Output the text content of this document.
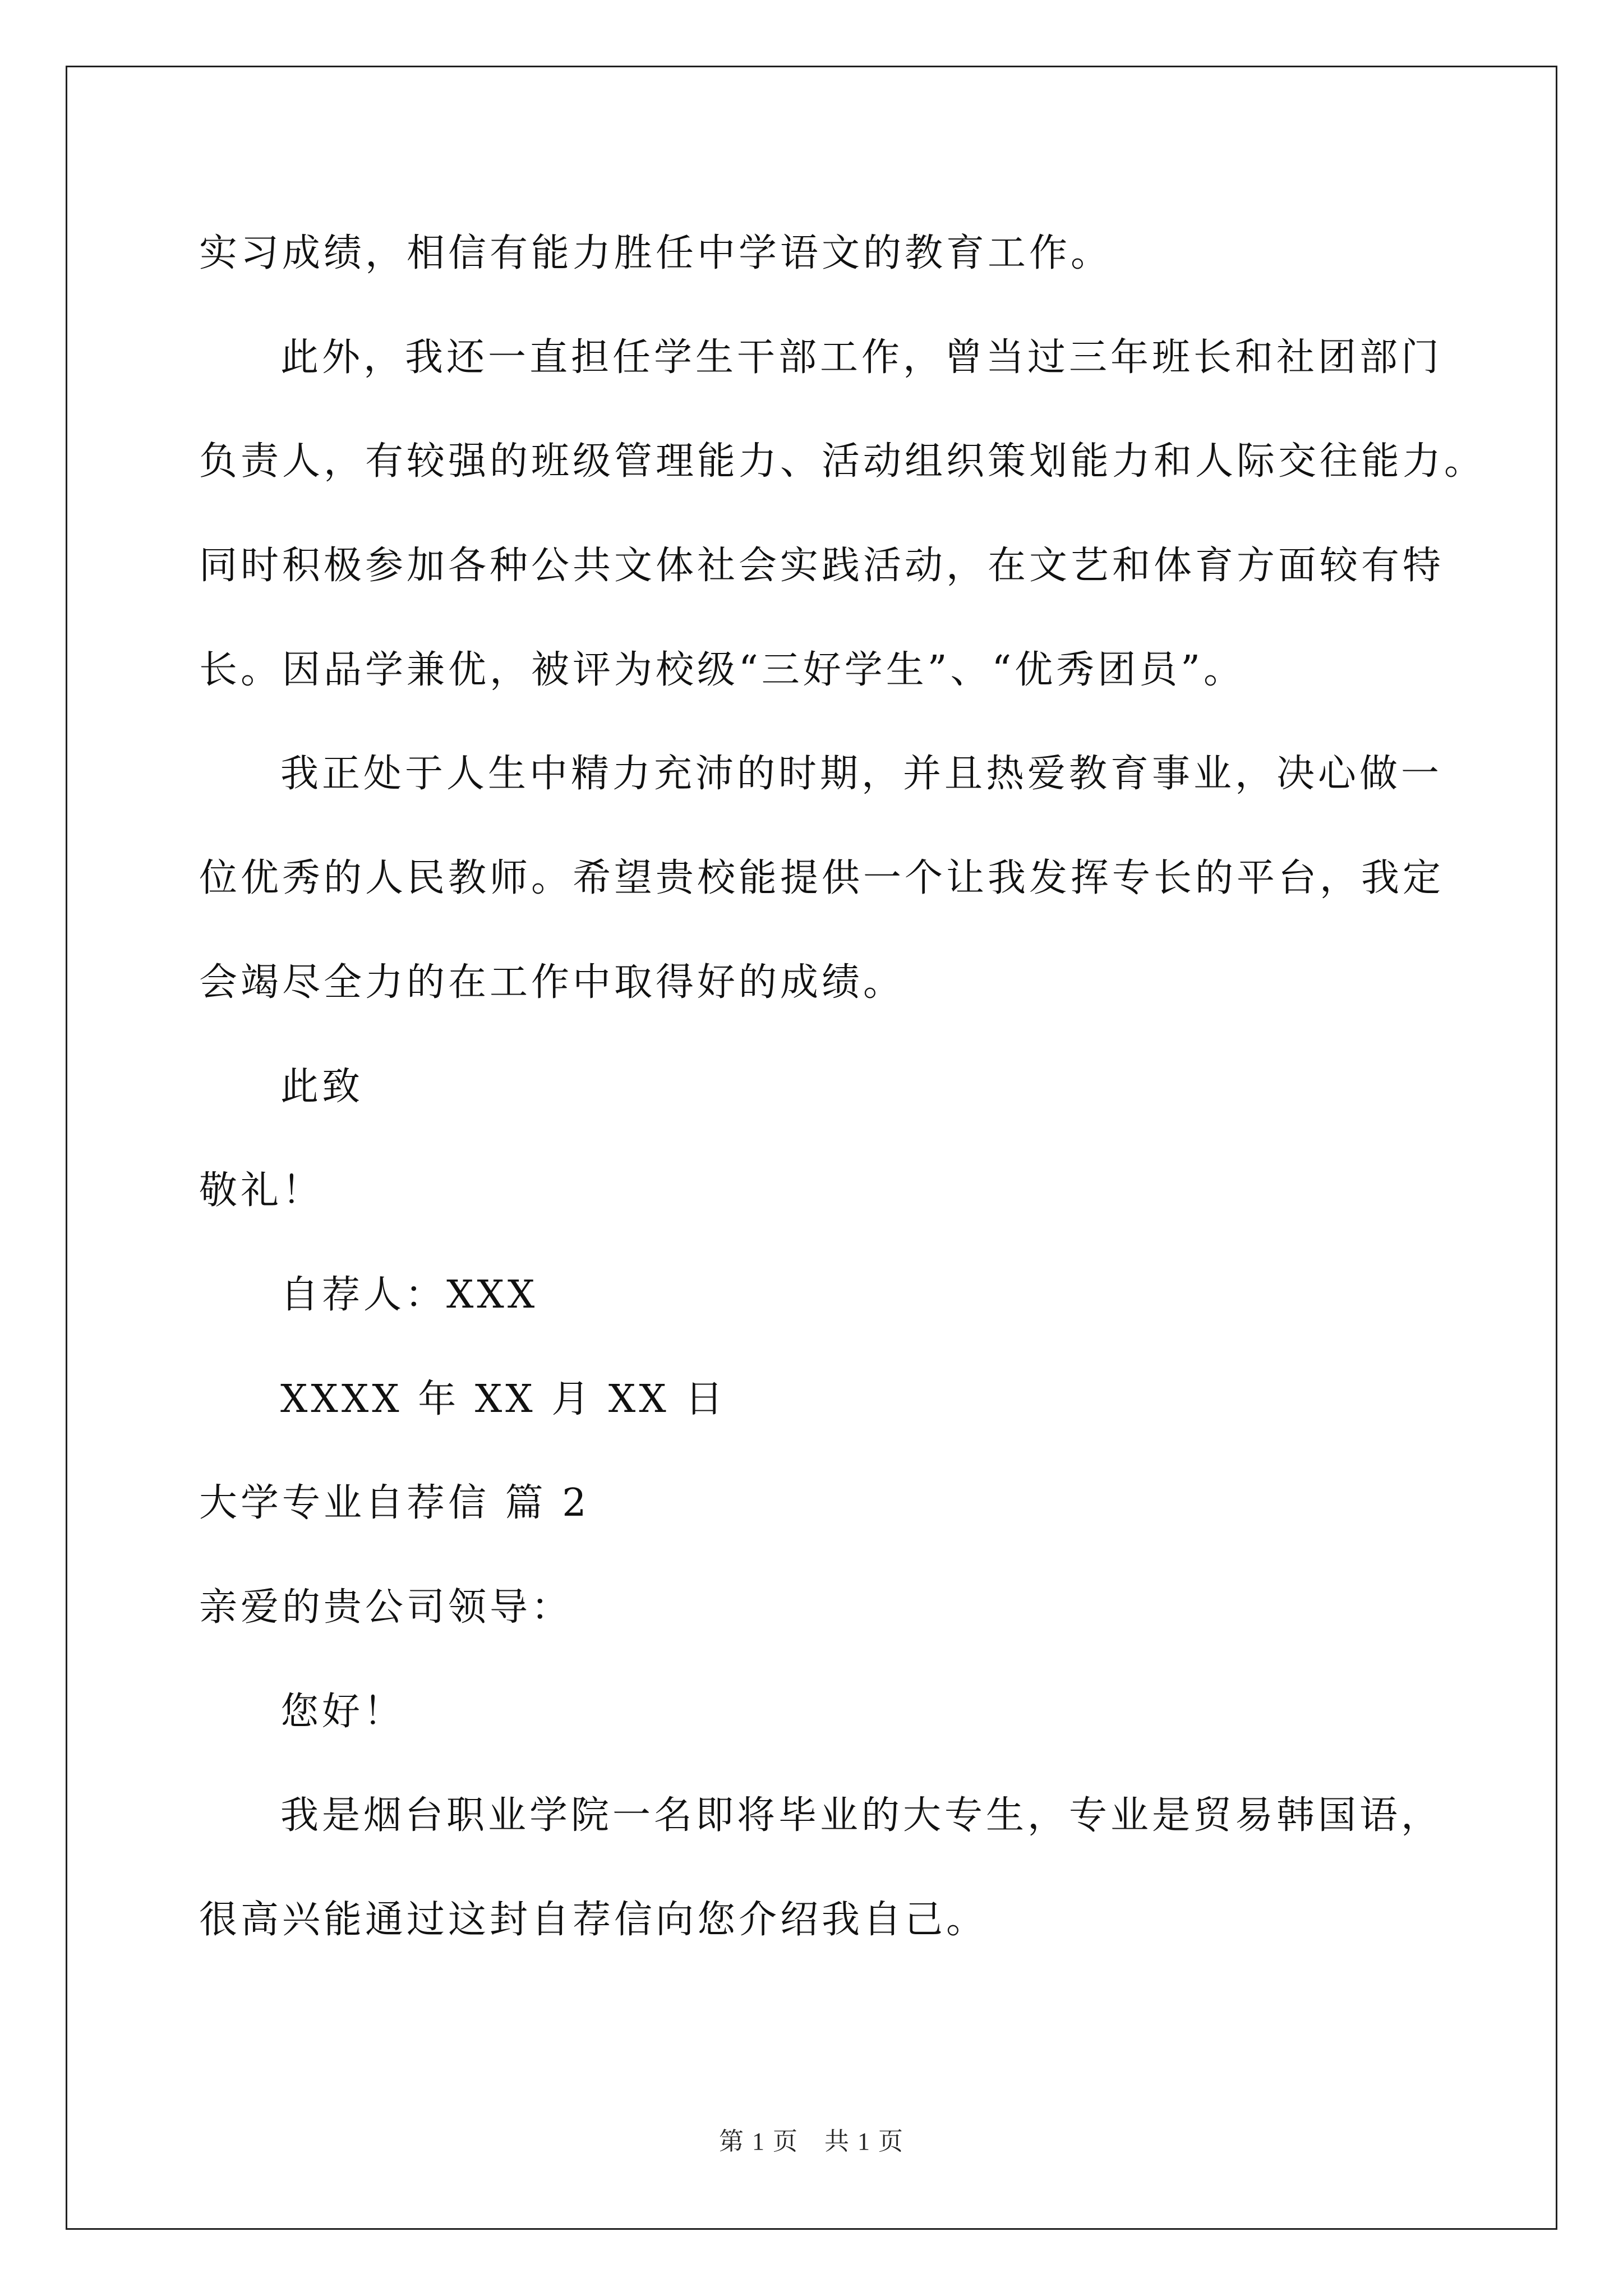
实习成绩，相信有能力胜任中学语文的教育工作。
此外，我还一直担任学生干部工作，曾当过三年班长和社团部门
负责人，有较强的班级管理能力、活动组织策划能力和人际交往能力。
同时积极参加各种公共文体社会实践活动，在文艺和体育方面较有特
长。因品学兼优，被评为校级“三好学生”、“优秀团员”。
我正处于人生中精力充沛的时期，并且热爱教育事业，决心做一
位优秀的人民教师。希望贵校能提供一个让我发挥专长的平台，我定
会竭尽全力的在工作中取得好的成绩。
此致
敬礼！
自荐人：XXX
XXXX 年 XX 月 XX 日
大学专业自荐信 篇 2
亲爱的贵公司领导：
您好！
我是烟台职业学院一名即将毕业的大专生，专业是贸易韩国语，
很高兴能通过这封自荐信向您介绍我自己。
第 1 页　共 1 页
